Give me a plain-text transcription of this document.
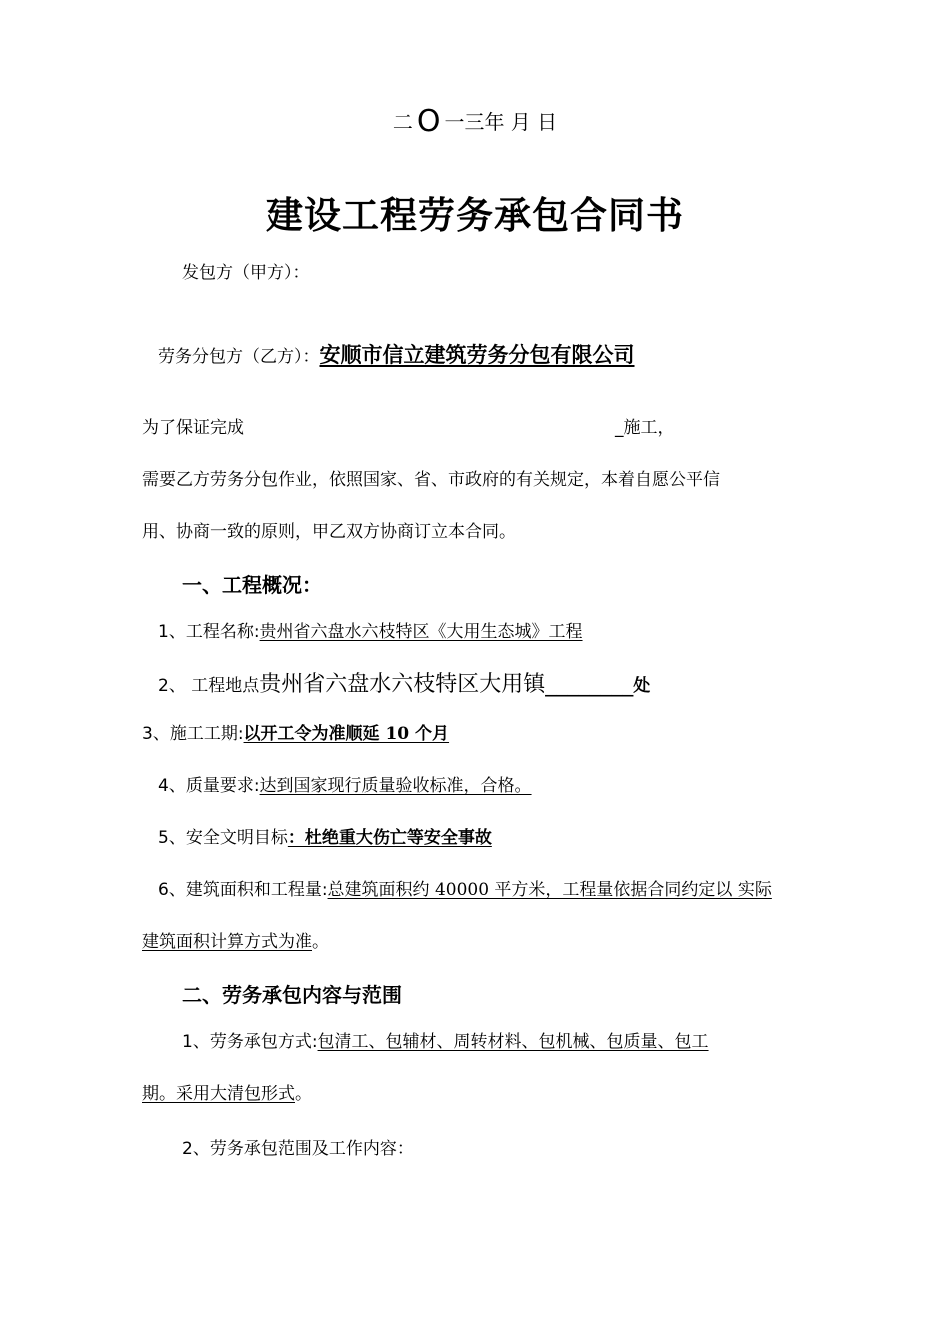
二 O 一三年 月 日
建设工程劳务承包合同书
发包方（甲方）：
劳务分包方（乙方）：安顺市信立建筑劳务分包有限公司
为了保证完成	_施工，
需要乙方劳务分包作业，依照国家、省、市政府的有关规定，本着自愿公平信
用、协商一致的原则，甲乙双方协商订立本合同。
一、工程概况：
1、工程名称:贵州省六盘水六枝特区《大用生态城》工程
2、 工程地点贵州省六盘水六枝特区大用镇________处
3、施工工期:以开工令为准顺延 10 个月
4、质量要求:达到国家现行质量验收标准，合格。
5、安全文明目标：杜绝重大伤亡等安全事故
6、建筑面积和工程量:总建筑面积约 40000 平方米，工程量依据合同约定以 实际
建筑面积计算方式为准。
二、劳务承包内容与范围
1、劳务承包方式:包清工、包辅材、周转材料、包机械、包质量、包工
期。采用大清包形式。
2、劳务承包范围及工作内容：
